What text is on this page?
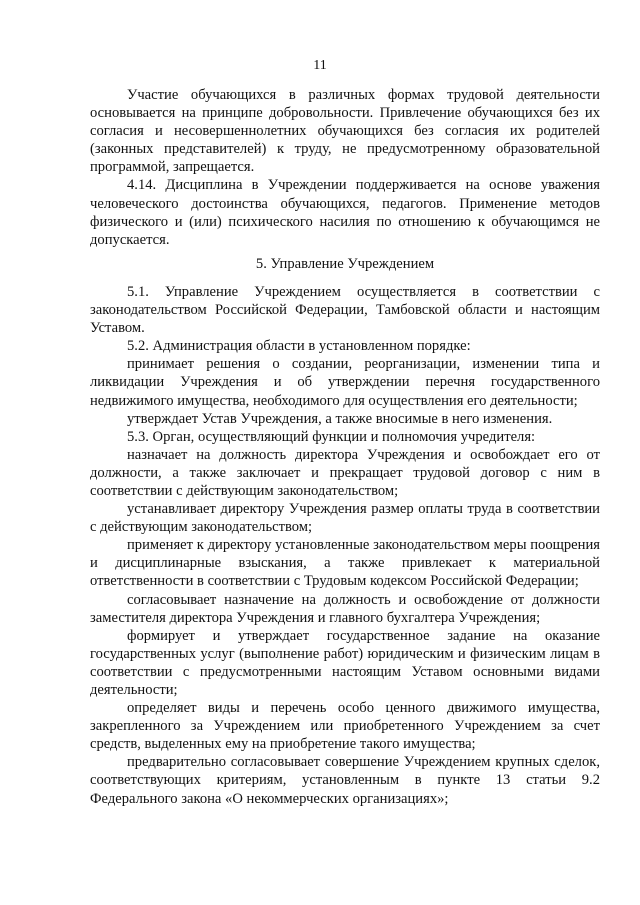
11

Участие обучающихся в различных формах трудовой деятельности основывается на принципе добровольности. Привлечение обучающихся без их согласия и несовершеннолетних обучающихся без согласия их родителей (законных представителей) к труду, не предусмотренному образовательной программой, запрещается.

4.14. Дисциплина в Учреждении поддерживается на основе уважения человеческого достоинства обучающихся, педагогов. Применение методов физического и (или) психического насилия по отношению к обучающимся не допускается.

5. Управление Учреждением

5.1. Управление Учреждением осуществляется в соответствии с законодательством Российской Федерации, Тамбовской области и настоящим Уставом.

5.2. Администрация области в установленном порядке:

принимает решения о создании, реорганизации, изменении типа и ликвидации Учреждения и об утверждении перечня государственного недвижимого имущества, необходимого для осуществления его деятельности;

утверждает Устав Учреждения, а также вносимые в него изменения.

5.3. Орган, осуществляющий функции и полномочия учредителя:

назначает на должность директора Учреждения и освобождает его от должности, а также заключает и прекращает трудовой договор с ним в соответствии с действующим законодательством;

устанавливает директору Учреждения размер оплаты труда в соответствии с действующим законодательством;

применяет к директору установленные законодательством меры поощрения и дисциплинарные взыскания, а также привлекает к материальной ответственности в соответствии с Трудовым кодексом Российской Федерации;

согласовывает назначение на должность и освобождение от должности заместителя директора Учреждения и главного бухгалтера Учреждения;

формирует и утверждает государственное задание на оказание государственных услуг (выполнение работ) юридическим и физическим лицам в соответствии с предусмотренными настоящим Уставом основными видами деятельности;

определяет виды и перечень особо ценного движимого имущества, закрепленного за Учреждением или приобретенного Учреждением за счет средств, выделенных ему на приобретение такого имущества;

предварительно согласовывает совершение Учреждением крупных сделок, соответствующих критериям, установленным в пункте 13 статьи 9.2 Федерального закона «О некоммерческих организациях»;
